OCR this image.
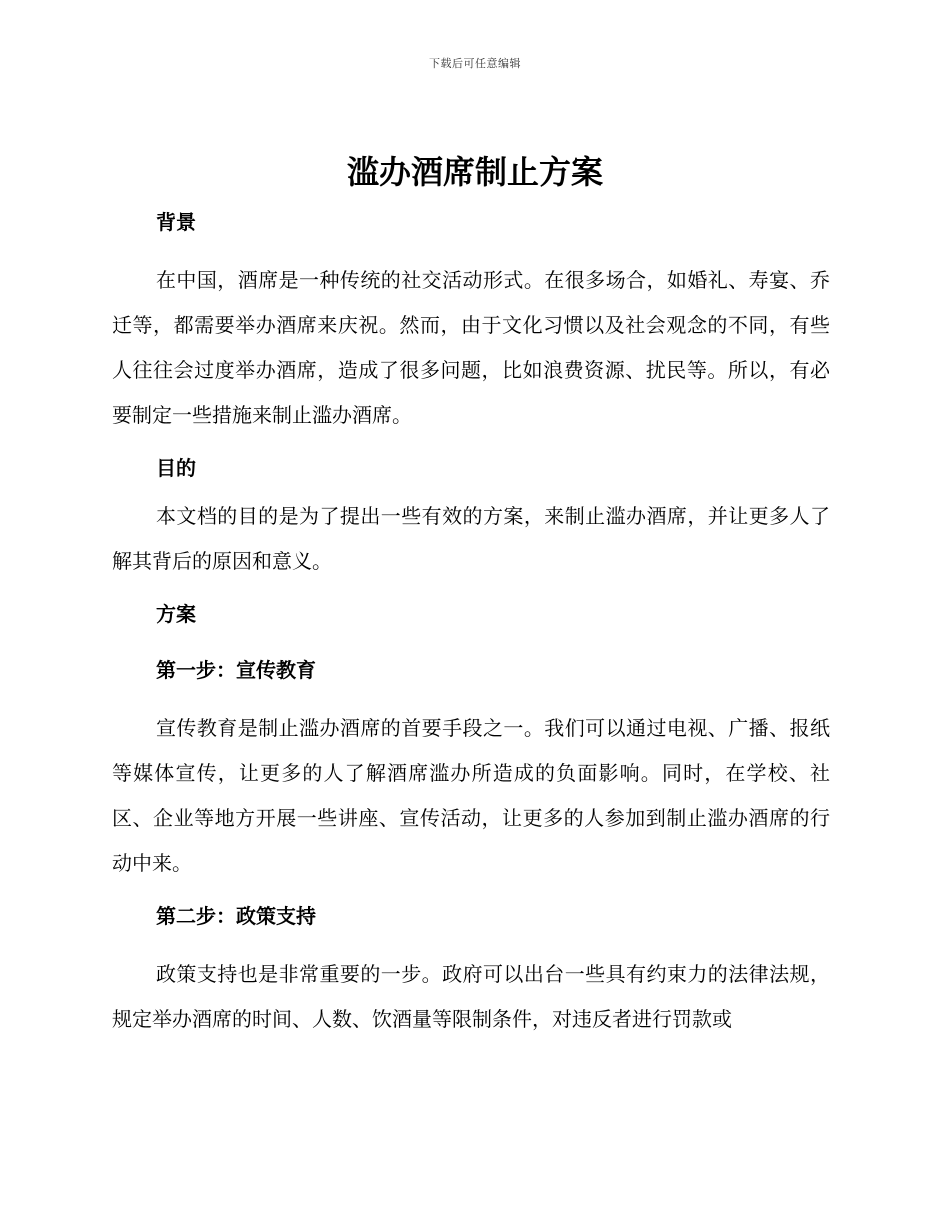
下载后可任意编辑
滥办酒席制止方案
背景

在中国，酒席是一种传统的社交活动形式。在很多场合，如婚礼、寿宴、乔迁等，都需要举办酒席来庆祝。然而，由于文化习惯以及社会观念的不同，有些人往往会过度举办酒席，造成了很多问题，比如浪费资源、扰民等。所以，有必要制定一些措施来制止滥办酒席。

目的

本文档的目的是为了提出一些有效的方案，来制止滥办酒席，并让更多人了解其背后的原因和意义。

方案
第一步：宣传教育

宣传教育是制止滥办酒席的首要手段之一。我们可以通过电视、广播、报纸等媒体宣传，让更多的人了解酒席滥办所造成的负面影响。同时，在学校、社区、企业等地方开展一些讲座、宣传活动，让更多的人参加到制止滥办酒席的行动中来。

第二步：政策支持

政策支持也是非常重要的一步。政府可以出台一些具有约束力的法律法规，规定举办酒席的时间、人数、饮酒量等限制条件，对违反者进行罚款或
